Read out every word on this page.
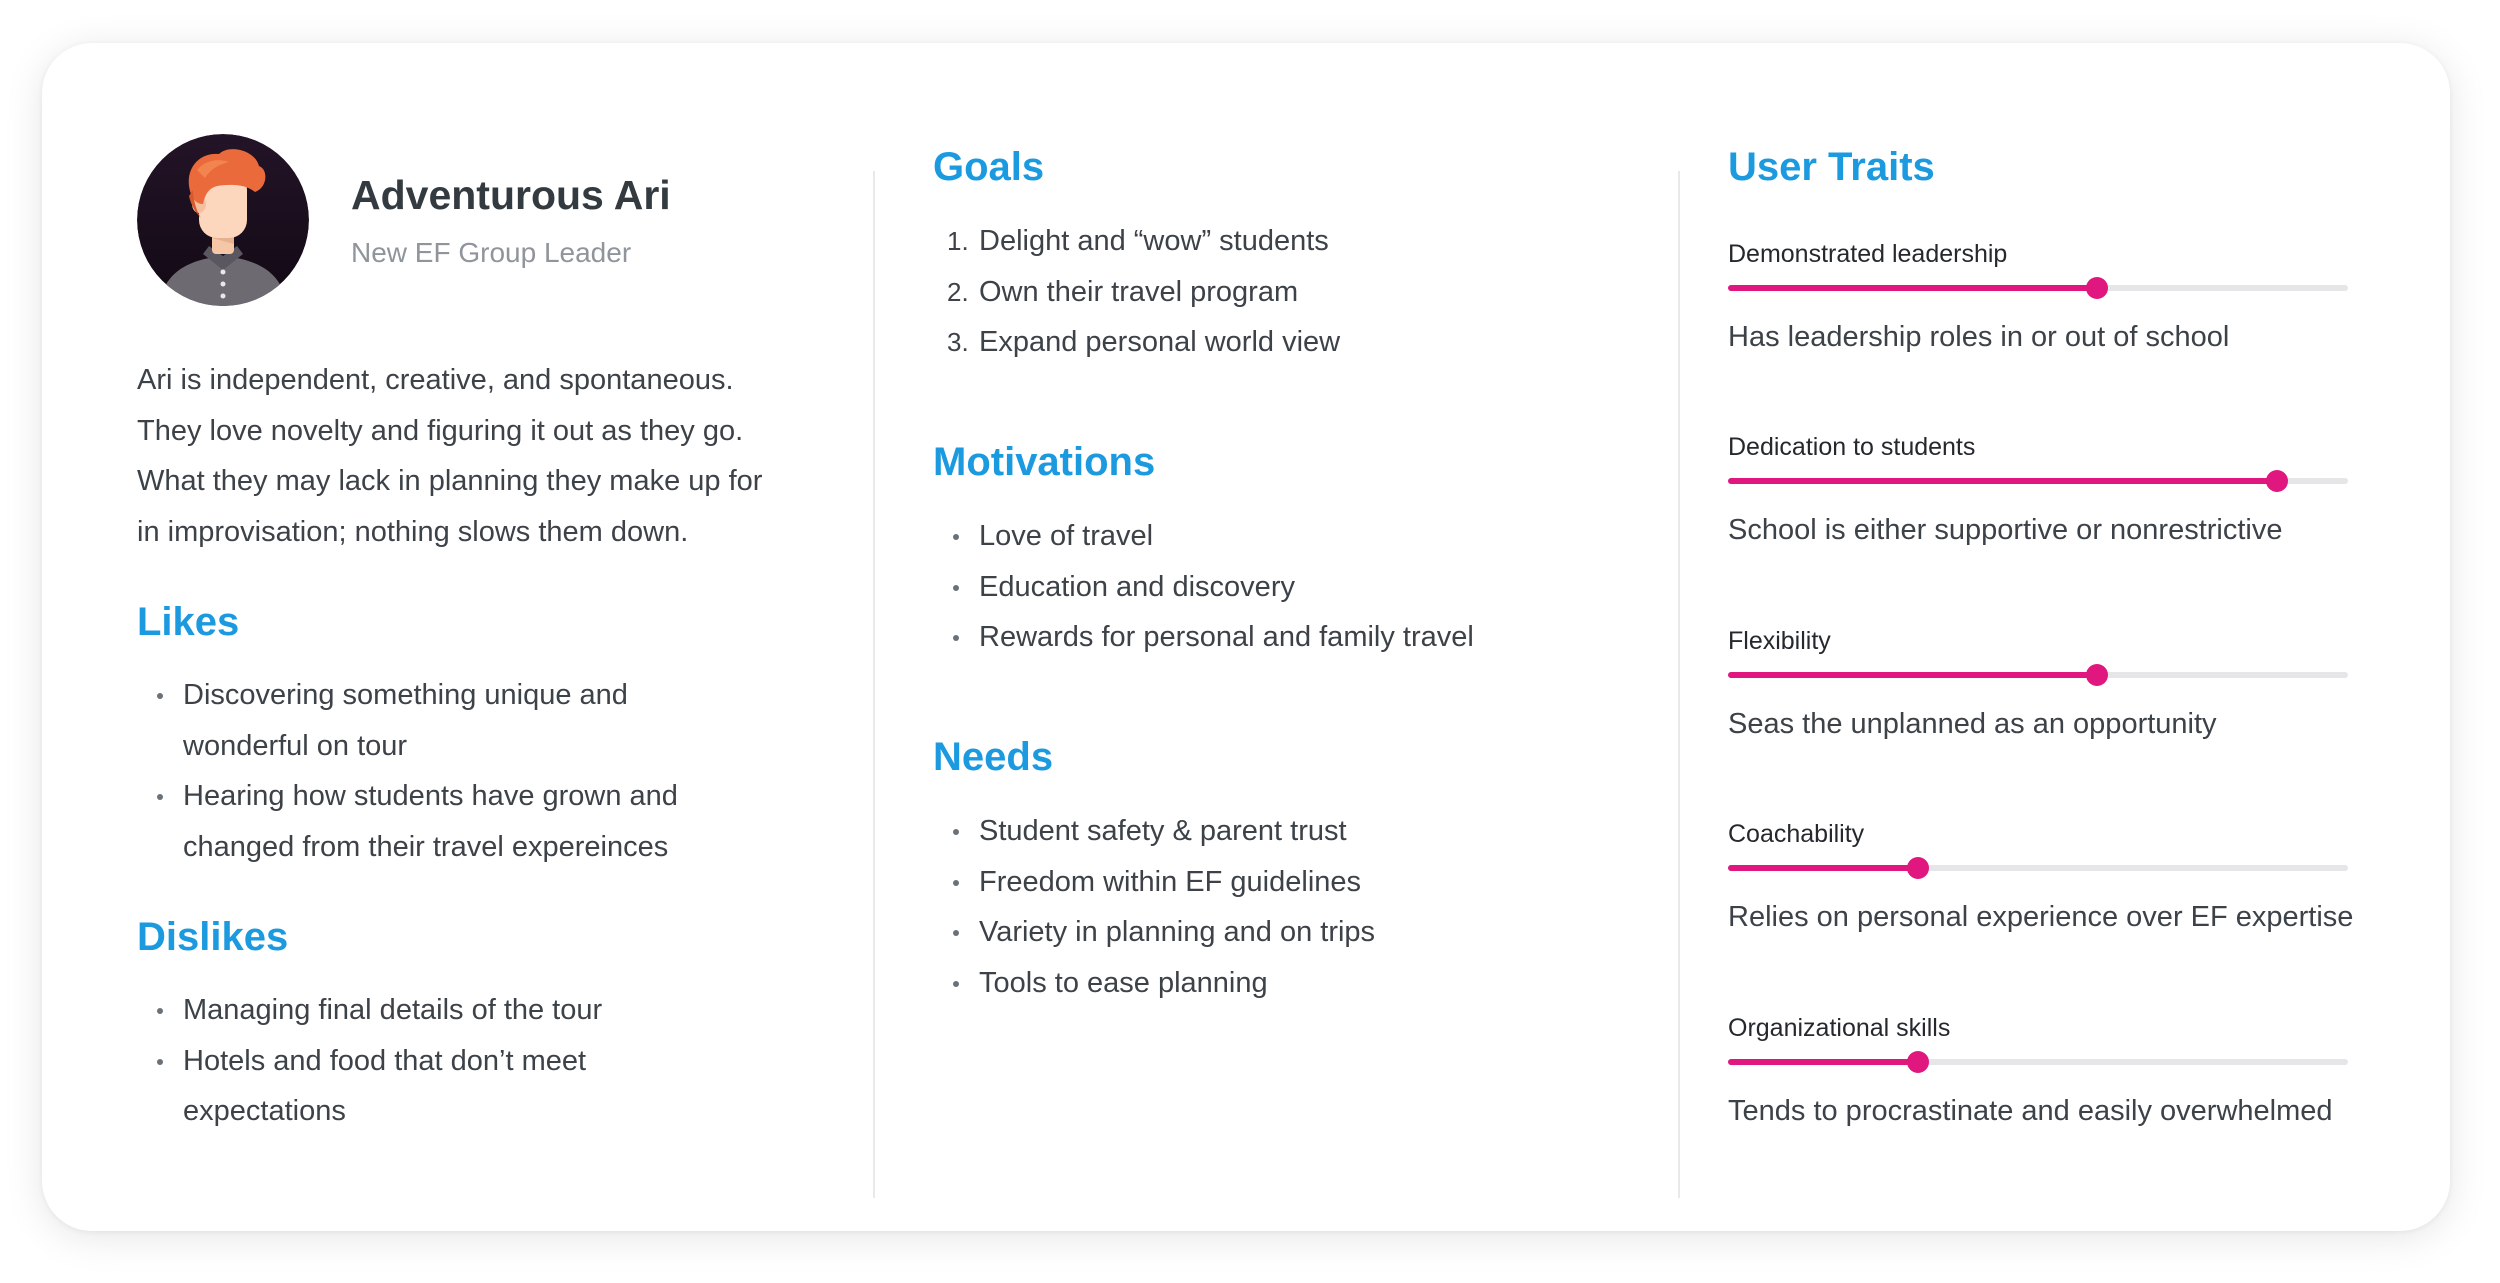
Adventurous Ari
New EF Group Leader

Ari is independent, creative, and spontaneous. They love novelty and figuring it out as they go. What they may lack in planning they make up for in improvisation; nothing slows them down.

Likes
Discovering something unique and wonderful on tour
Hearing how students have grown and changed from their travel expereinces
Dislikes
Managing final details of the tour
Hotels and food that don’t meet expectations
Goals
1. Delight and “wow” students
2. Own their travel program
3. Expand personal world view
Motivations
Love of travel
Education and discovery
Rewards for personal and family travel
Needs
Student safety & parent trust
Freedom within EF guidelines
Variety in planning and on trips
Tools to ease planning
User Traits
Demonstrated leadership
Has leadership roles in or out of school
Dedication to students
School is either supportive or nonrestrictive
Flexibility
Seas the unplanned as an opportunity
Coachability
Relies on personal experience over EF expertise
Organizational skills
Tends to procrastinate and easily overwhelmed
